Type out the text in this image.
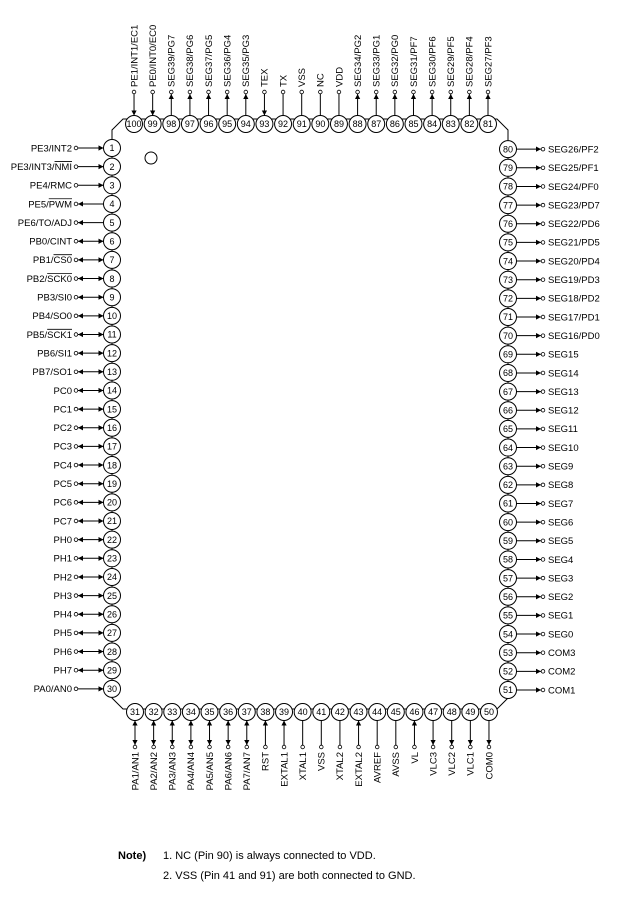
1
PE3/INT2
2
PE3/INT3/NMI
3
PE4/RMC
4
PE5/PWM
5
PE6/TO/ADJ
6
PB0/CINT
7
PB1/CS0
8
PB2/SCK0
9
PB3/SI0
10
PB4/SO0
11
PB5/SCK1
12
PB6/SI1
13
PB7/SO1
14
PC0
15
PC1
16
PC2
17
PC3
18
PC4
19
PC5
20
PC6
21
PC7
22
PH0
23
PH1
24
PH2
25
PH3
26
PH4
27
PH5
28
PH6
29
PH7
30
PA0/AN0	51	COM1
52	COM2
53	COM3
54	SEG0
55	SEG1
56	SEG2
57	SEG3
58	SEG4
59	SEG5
60	SEG6
61	SEG7
62	SEG8
63	SEG9
64	SEG10
65	SEG11
66	SEG12
67	SEG13
68	SEG14
69	SEG15
70	SEG16/PD0
71	SEG17/PD1
72	SEG18/PD2
73	SEG19/PD3
74	SEG20/PD4
75	SEG21/PD5
76	SEG22/PD6
77	SEG23/PD7
78	SEG24/PF0
79	SEG25/PF1
80	SEG26/PF2
31
PA1/AN1
32
PA2/AN2
33
PA3/AN3
34
PA4/AN4
35
PA5/AN5
36
PA6/AN6
37
PA7/AN7
38
RST
39
EXTAL1
40
XTAL1
41
VSS
42
XTAL2
43
EXTAL2
44
AVREF
45
AVSS
46
VL
47
VLC3
48
VLC2
49
VLC1
50
COM0
81
SEG27/PF3
82
SEG28/PF4
83
SEG29/PF5
84
SEG30/PF6
85
SEG31/PF7
86
SEG32/PG0
87
SEG33/PG1
88
SEG34/PG2
89
VDD
90
NC
91
VSS
92
TX
93
TEX
94
SEG35/PG3
95
SEG36/PG4
96
SEG37/PG5
97
SEG38/PG6
98
SEG39/PG7
99
PE0/INT0/EC0
100
PE1/INT1/EC1
Note) 1. NC (Pin 90) is always connected to VDD.
2. VSS (Pin 41 and 91) are both connected to GND.
